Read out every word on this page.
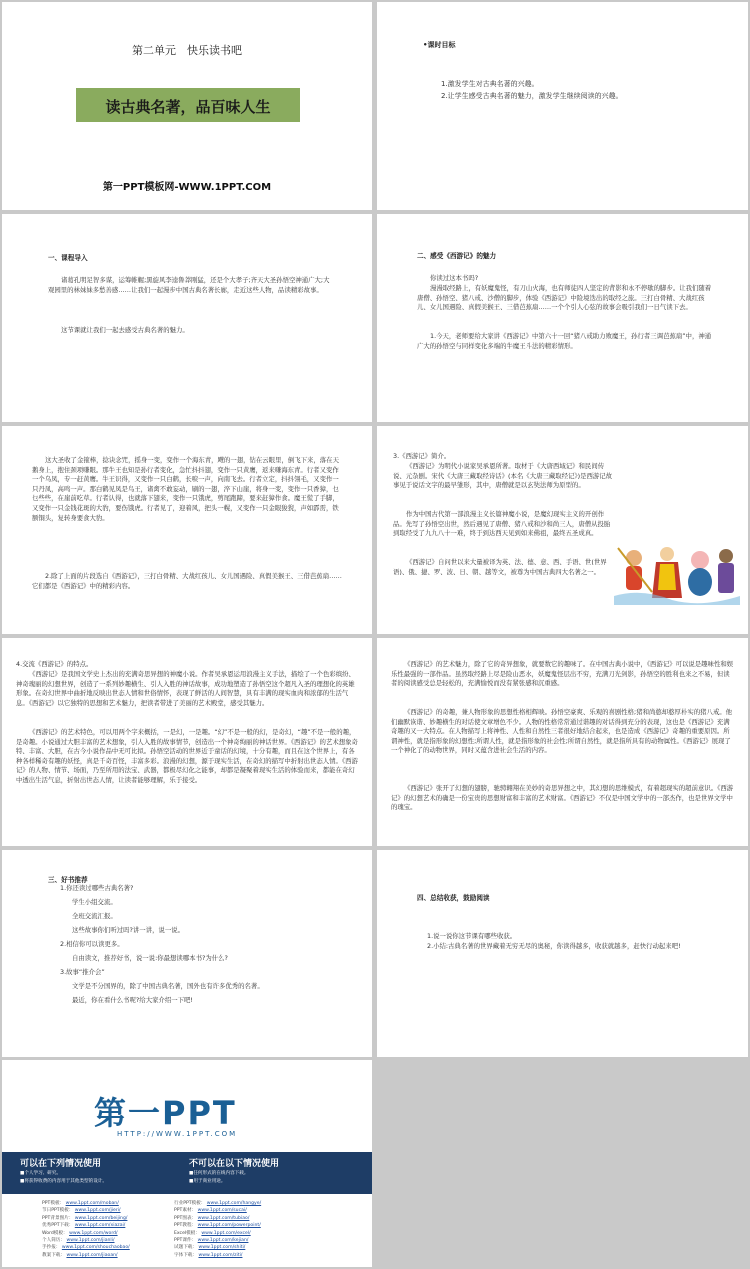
第二单元　快乐读书吧
读古典名著，品百味人生
第一PPT模板网-WWW.1PPT.COM
•课时目标
1.激发学生对古典名著的兴趣。
2.让学生感受古典名著的魅力，激发学生继续阅读的兴趣。
一、课程导入
诸葛孔明足智多谋，运筹帷幄;黑旋风李逵鲁莽刚猛，还是个大孝子;齐天大圣孙悟空神通广大;大观园里的林妹妹多愁善感……让我们一起漫步中国古典名著长廊，走近这些人物，品读精彩故事。
这节课就让我们一起去感受古典名著的魅力。
二、感受《西游记》的魅力
你读过这本书吗?
漫漫取经路上，有妖魔鬼怪，有刀山火海，也有师徒四人坚定的背影和永不停歇的脚步。让我们随着唐僧、孙悟空、猪八戒、沙僧的脚步，体验《西游记》中险境迭出的取经之旅。三打白骨精、大战红孩儿、女儿国遇险、真假美猴王、三借芭蕉扇……一个个引人心弦的故事会吸引我们一日气读下去。
1.今天，老师要给大家讲《西游记》中第六十一回“猪八戒助力败魔王，孙行者三调芭蕉扇”中，神通广大的孙悟空与同样变化多端的牛魔王斗法的精彩情形。
这大圣收了金箍棒，捻诀念咒，摇身一变，变作一个海东青，飕的一翅，钻在云眼里，倒飞下来，落在天鹅身上，抱住颈项嗛眼。那牛王也知是孙行者变化，急忙抖抖翅，变作一只黄鹰，返来嗛海东青。行者又变作一个乌凤，专一赶黄鹰。牛王识得，又变作一只白鹤，长唳一声，向南飞去。行者立定，抖抖翎毛，又变作一只丹凤，高鸣一声。那白鹤见凤是鸟王，诸禽不敢妄动，刷的一翅，淬下山崖，将身一变，变作一只香獐，乜乜些些，在崖前吃草。行者认得，也就落下翅来，变作一只饿虎，剪尾跑蹄，要来赶獐作食。魔王慌了手脚，又变作一只金钱花斑的大豹，要伤饿虎。行者见了，迎着风，把头一幌，又变作一只金眼狻猊，声如霹雳，铁额铜头，复转身要食大豹。
2.除了上面的片段选自《西游记》，三打白骨精、大战红孩儿、女儿国遇险、真假美猴王、三借芭蕉扇……它们都是《西游记》中的精彩内容。
3.《西游记》简介。
《西游记》为明代小说家吴承恩所著。取材于《大唐西域记》和民间传说、元杂剧。宋代《大唐三藏取经诗话》(本名《大唐三藏取经记》)是西游记故事见于说话文字的最早雏形，其中，唐僧就是以玄奘法师为原型的。
作为中国古代第一部浪漫主义长篇神魔小说，是魔幻现实主义的开创作品。先写了孙悟空出世，然后遇见了唐僧、猪八戒和沙和尚三人，唐僧从投胎到取经受了九九八十一难，终于到达西天见到如来佛祖，最终五圣成真。
《西游记》自问世以来大量被译为英、法、德、意、西、手语、世(世界语)、俄、捷、罗、波、日、朝、越等文，被尊为中国古典四大名著之一。
4.交流《西游记》的特点。
《西游记》是我国文学史上杰出的充满奇思异想的神魔小说。作者吴承恩运用浪漫主义手法，描绘了一个色彩缤纷、神奇瑰丽的幻想世界，创造了一系列妙趣横生、引人入胜的神话故事，成功地塑造了孙悟空这个超凡入圣的理想化的英雄形象。在奇幻世界中曲折地反映出世态人情和世俗情怀，表现了鲜活的人间智慧，具有丰满的现实血肉和浓郁的生活气息。《西游记》以它独特的思想和艺术魅力，把读者带进了美丽的艺术殿堂，感受其魅力。
《西游记》的艺术特色，可以用两个字来概括，一是幻，一是趣。“幻”不是一般的幻，是奇幻，“趣”不是一般的趣，是奇趣。小说通过大胆丰富的艺术想象，引人入胜的故事情节，创造出一个神奇绚丽的神话世界。《西游记》的艺术想象奇特、丰富、大胆，在古今小说作品中无可比拟。孙悟空活动的世界近于童话的幻境，十分有趣，而且在这个世界上，有各种各样稀奇有趣的妖怪，真是千奇百怪，丰富多彩。浪漫的幻想，源于现实生活，在奇幻的描写中折射出世态人情。《西游记》的人物、情节、场面，乃至所用的法宝、武器，都极尽幻化之能事，却都是凝聚着现实生活的体验而来，都能在奇幻中透出生活气息，折射出世态人情，让读者能够理解，乐于接受。
《西游记》的艺术魅力，除了它的奇异想象，就要数它的趣味了。在中国古典小说中，《西游记》可以说是趣味性和娱乐性最强的一部作品。虽然取经路上尽是险山恶水，妖魔鬼怪层出不穷，充满刀光剑影，孙悟空的胜利也来之不易，但读者的阅读感受总是轻松的，充满愉悦而没有紧张感和沉重感。
《西游记》的奇趣，兼人物形象的思想性格相辉映。孙悟空豪爽、乐观的喜剧性格;猪和尚憨却憨厚朴实的猪八戒。他们幽默诙谐、妙趣横生的对话使文章增色不少。人物的性格常常通过谐趣的对话得到充分的表现，这也是《西游记》充满奇趣的又一大特点。在人物描写上将神性、人性和自然性三者很好地结合起来，也是造成《西游记》奇趣的重要原因。所谓神性，就是指形象的幻想性;所谓人性，就是指形象的社会性;所谓自然性，就是指所具有的动物属性。《西游记》展现了一个神化了的动物世界，同时又蕴含进社会生活的内容。
《西游记》张开了幻想的翅膀，驰骋翱翔在美妙的奇思异想之中，其幻想的思维模式，有着超现实的超前意识。《西游记》的幻想艺术的确是一份宝贵的思想财富和丰富的艺术财富。《西游记》不仅是中国文学中的一部杰作，也是世界文学中的瑰宝。
三、好书推荐
1.你还读过哪些古典名著?
学生小组交流。
全班交流汇报。
这些故事你们听过吗?讲一讲，说一说。
2.相信你可以读更多。
自由读文，推荐好书，说一说:你最想读哪本书?为什么?
3.故事“推介会”
文学是不分国界的，除了中国古典名著，国外也有许多优秀的名著。
最近，你在看什么书呢?给大家介绍一下吧!
四、总结收获，鼓励阅读
1.说一说你这节课有哪些收获。
2.小结:古典名著的世界藏着无穷无尽的奥秘，你读得越多，收获就越多，赶快行动起来吧!
第一PPT
HTTP://WWW.1PPT.COM
可以在下列情况使用
■个人学习、研究。
■将获得收费的内容用于其他类型的设计。
不可以在以下情况使用
■任何形式的在线内容下载。
■用于商业用途。
PPT模板： www.1ppt.com/moban/
节日PPT模板： www.1ppt.com/jieri/
PPT背景图片： www.1ppt.com/beijing/
优秀PPT下载： www.1ppt.com/xiazai/
Word模板： www.1ppt.com/word/
个人简历： www.1ppt.com/jianli/
手抄报： www.1ppt.com/shouchaobao/
教案下载： www.1ppt.com/jiaoan/
行业PPT模板： www.1ppt.com/hangye/
PPT素材： www.1ppt.com/sucai/
PPT图表： www.1ppt.com/tubiao/
PPT教程： www.1ppt.com/powerpoint/
Excel模板： www.1ppt.com/excel/
PPT课件： www.1ppt.com/kejian/
试题下载： www.1ppt.com/shiti/
字体下载： www.1ppt.com/ziti/
